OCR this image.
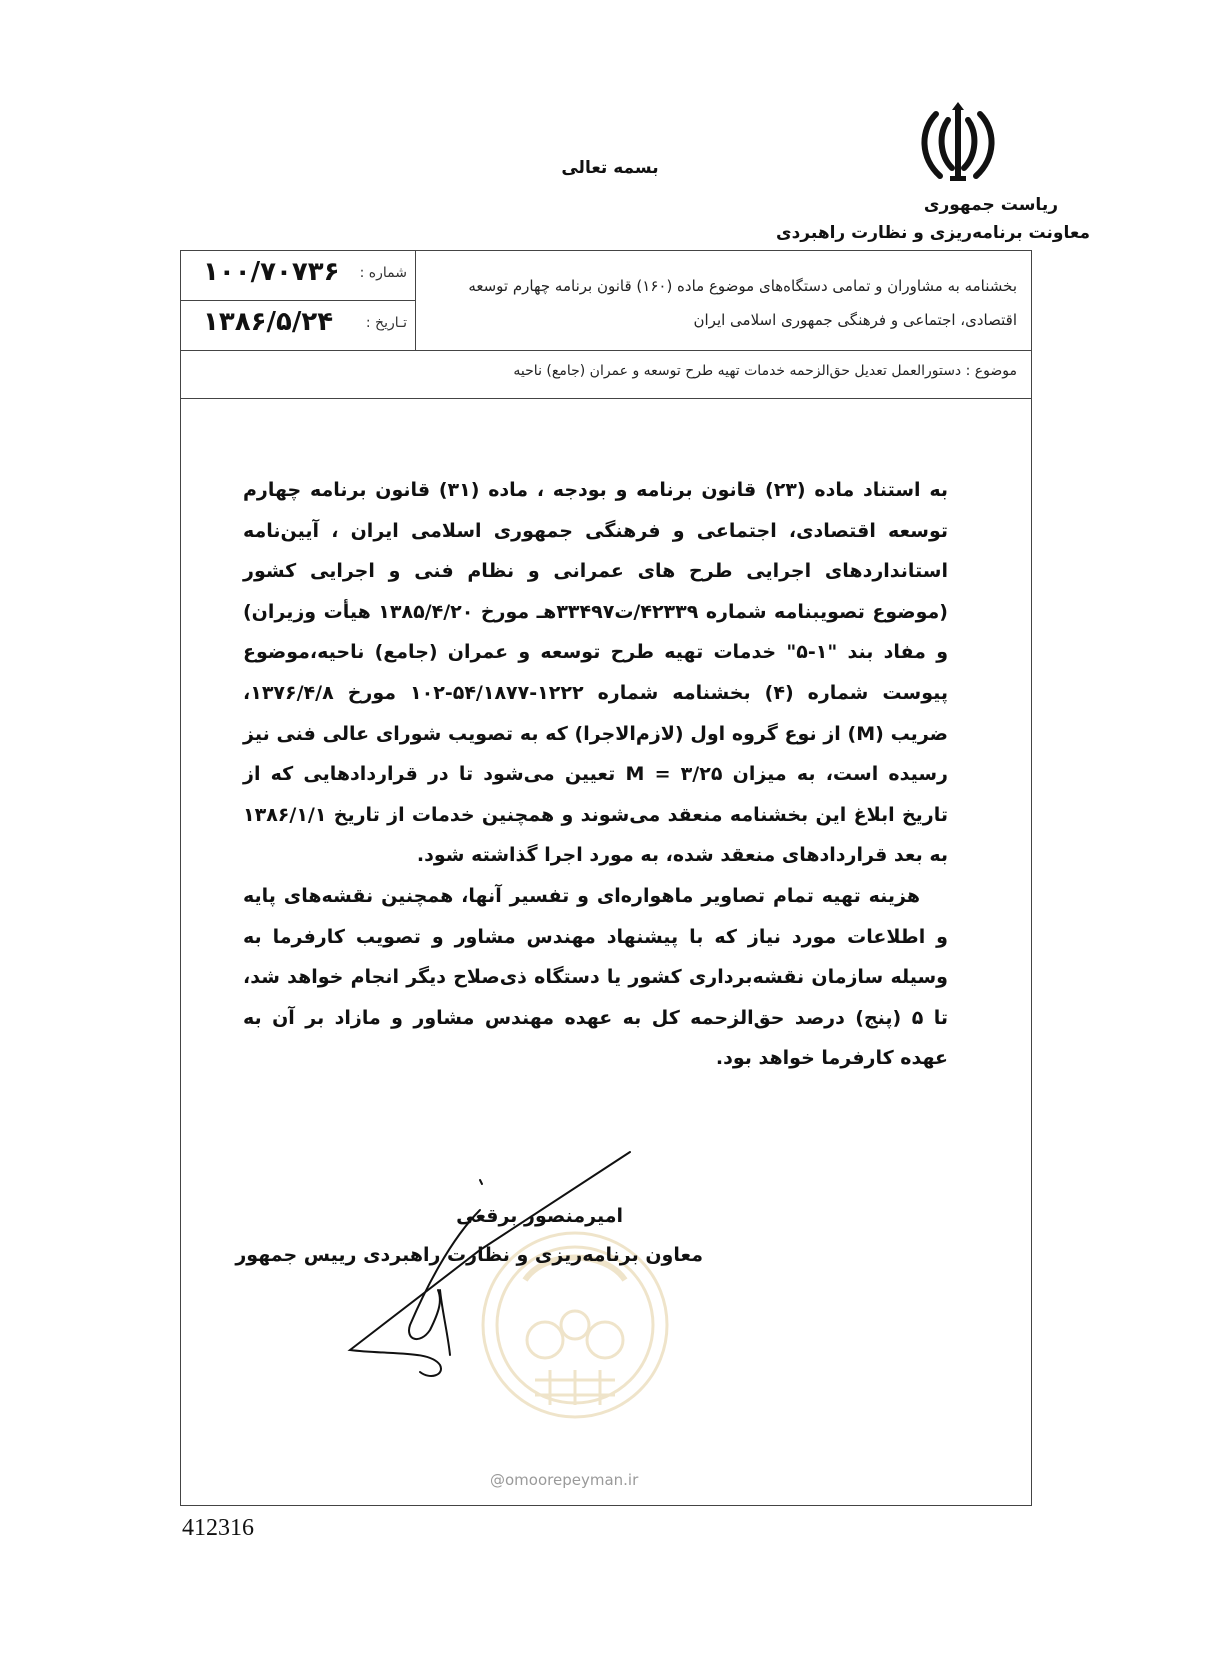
بسمه تعالی
ریاست جمهوری
معاونت برنامه‌ریزی و نظارت راهبردی
شماره :
۱۰۰/۷۰۷۳۶
تـاریخ :
۱۳۸۶/۵/۲۴
بخشنامه به مشاوران و تمامی دستگاه‌های موضوع ماده (۱۶۰) قانون برنامه چهارم توسعه اقتصادی، اجتماعی و فرهنگی جمهوری اسلامی ایران
موضوع : دستورالعمل تعدیل حق‌الزحمه خدمات تهیه طرح توسعه و عمران (جامع) ناحیه

به استناد ماده (۲۳) قانون برنامه و بودجه ، ماده (۳۱) قانون برنامه چهارم توسعه اقتصادی، اجتماعی و فرهنگی جمهوری اسلامی ایران ، آیین‌نامه استانداردهای اجرایی طرح های عمرانی و نظام فنی و اجرایی کشور (موضوع تصویبنامه شماره ۴۲۳۳۹/ت۳۳۴۹۷هـ مورخ ۱۳۸۵/۴/۲۰ هیأت وزیران) و مفاد بند "۱-۵" خدمات تهیه طرح توسعه و عمران (جامع) ناحیه،موضوع پیوست شماره (۴) بخشنامه شماره ۱۲۲۲-۵۴/۱۸۷۷-۱۰۲ مورخ ۱۳۷۶/۴/۸، ضریب (M) از نوع گروه اول (لازم‌الاجرا) که به تصویب شورای عالی فنی نیز رسیده است، به میزان M = ۳/۲۵ تعیین می‌شود تا در قراردادهایی که از تاریخ ابلاغ این بخشنامه منعقد می‌شوند و همچنین خدمات از تاریخ ۱۳۸۶/۱/۱ به بعد قراردادهای منعقد شده، به مورد اجرا گذاشته شود.

هزینه تهیه تمام تصاویر ماهواره‌ای و تفسیر آنها، همچنین نقشه‌های پایه و اطلاعات مورد نیاز که با پیشنهاد مهندس مشاور و تصویب کارفرما به وسیله سازمان نقشه‌برداری کشور یا دستگاه ذی‌صلاح دیگر انجام خواهد شد، تا ۵ (پنج) درصد حق‌الزحمه کل به عهده مهندس مشاور و مازاد بر آن به عهده کارفرما خواهد بود.

امیرمنصور برقعی
معاون برنامه‌ریزی و نظارت راهبردی رییس جمهور
@omoorepeyman.ir
412316
